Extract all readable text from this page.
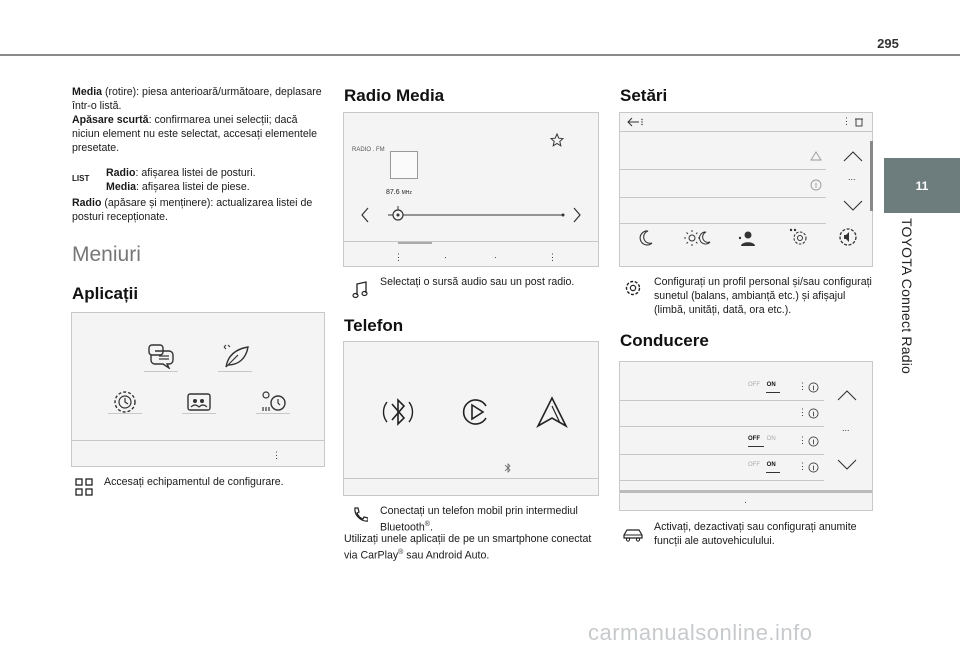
295
11
TOYOTA Connect Radio

Media (rotire): piesa anterioară/următoare, deplasare într-o listă.

Apăsare scurtă: confirmarea unei selecții; dacă niciun element nu este selectat, accesați elementele presetate.

LIST Radio: afișarea listei de posturi.

Media: afișarea listei de piese.

Radio (apăsare și menținere): actualizarea listei de posturi recepționate.

Meniuri
Aplicații
⋮
Accesați echipamentul de configurare.
Radio Media
RADIO . FM
87.6 MHz
⋮	·	·	⋮
Selectați o sursă audio sau un post radio.
Telefon
Conectați un telefon mobil prin intermediul Bluetooth®.
Utilizați unele aplicații de pe un smartphone conectat via CarPlay® sau Android Auto.
Setări
⋮
...
Configurați un profil personal și/sau configurați sunetul (balans, ambianță etc.) și afișajul (limbă, unități, dată, ora etc.).
Conducere
OFF ON ⋮
⋮
OFF ON ⋮
OFF ON ⋮
...
·
Activați, dezactivați sau configurați anumite funcții ale autovehiculului.
carmanualsonline.info
